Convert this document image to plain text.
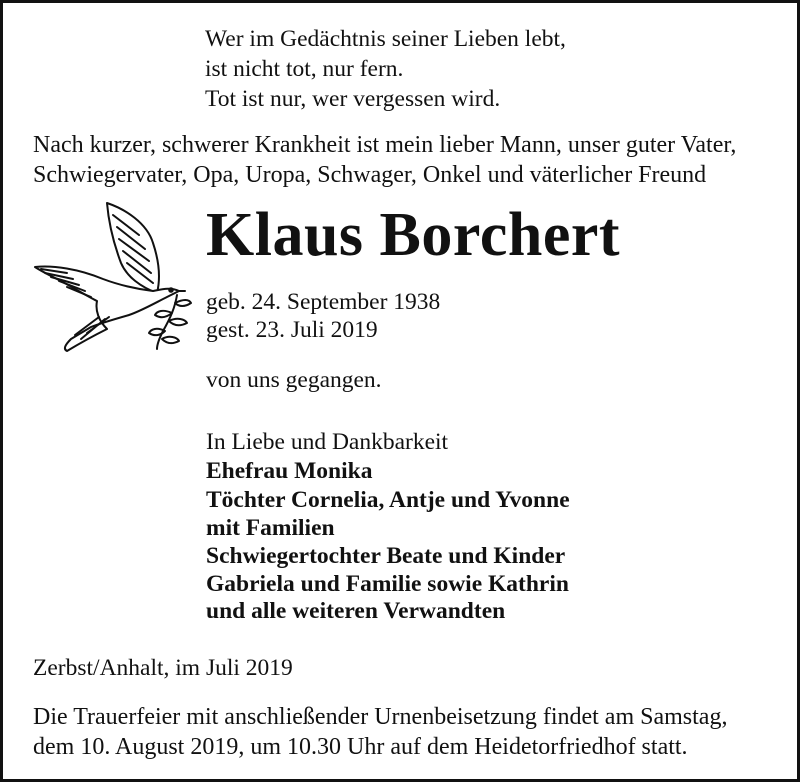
Wer im Gedächtnis seiner Lieben lebt,
ist nicht tot, nur fern.
Tot ist nur, wer vergessen wird.
Nach kurzer, schwerer Krankheit ist mein lieber Mann, unser guter Vater,
Schwiegervater, Opa, Uropa, Schwager, Onkel und väterlicher Freund
Klaus Borchert
geb. 24. September 1938
gest. 23. Juli 2019
von uns gegangen.
In Liebe und Dankbarkeit
Ehefrau Monika
Töchter Cornelia, Antje und Yvonne
mit Familien
Schwiegertochter Beate und Kinder
Gabriela und Familie sowie Kathrin
und alle weiteren Verwandten
Zerbst/Anhalt, im Juli 2019
Die Trauerfeier mit anschließender Urnenbeisetzung findet am Samstag,
dem 10. August 2019, um 10.30 Uhr auf dem Heidetorfriedhof statt.
